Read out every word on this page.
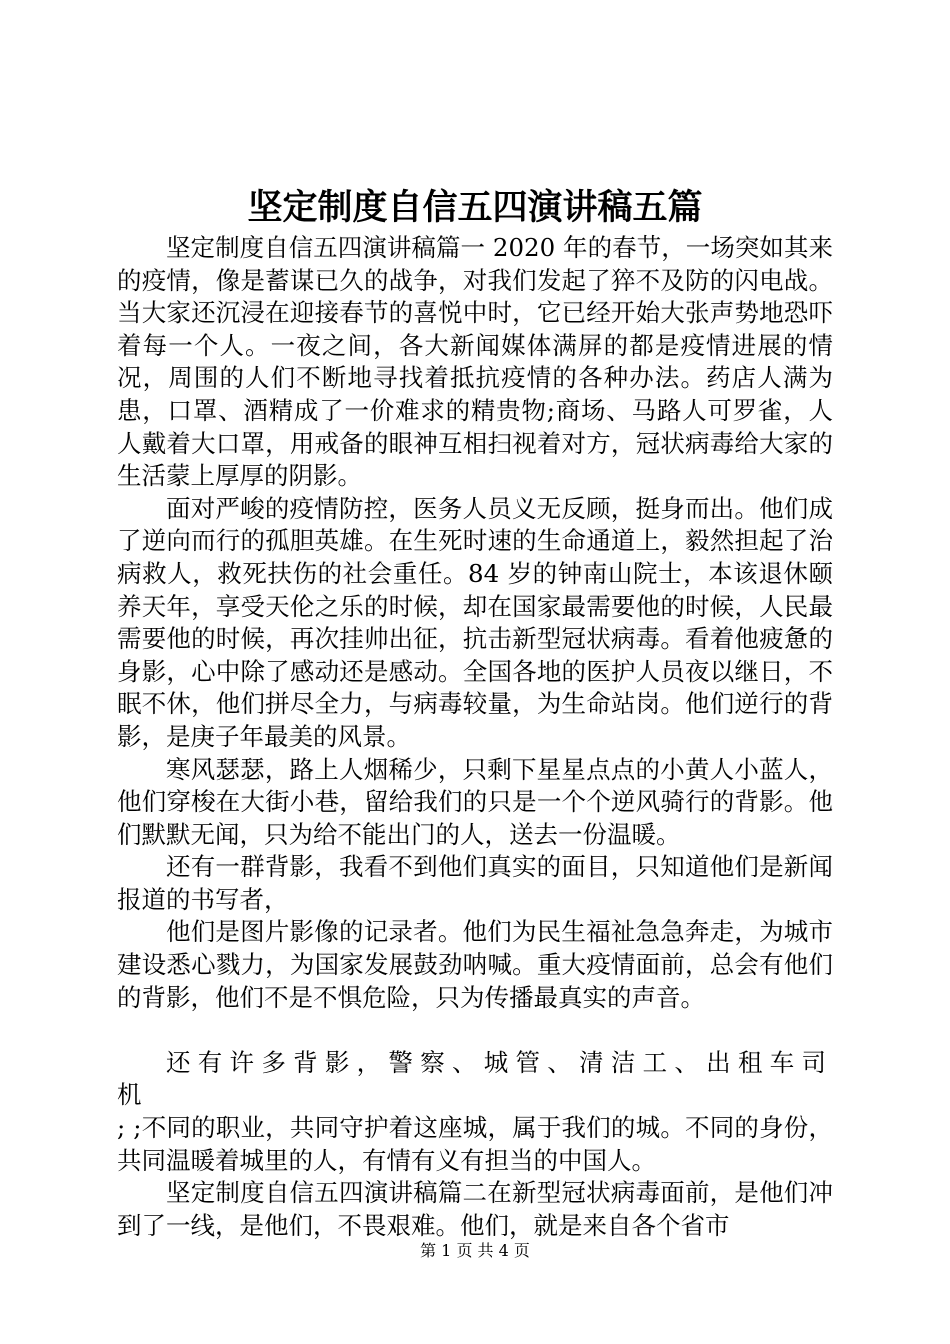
坚定制度自信五四演讲稿五篇

坚定制度自信五四演讲稿篇一 2020 年的春节，一场突如其来的疫情，像是蓄谋已久的战争，对我们发起了猝不及防的闪电战。当大家还沉浸在迎接春节的喜悦中时，它已经开始大张声势地恐吓着每一个人。一夜之间，各大新闻媒体满屏的都是疫情进展的情况，周围的人们不断地寻找着抵抗疫情的各种办法。药店人满为患，口罩、酒精成了一价难求的精贵物;商场、马路人可罗雀，人人戴着大口罩，用戒备的眼神互相扫视着对方，冠状病毒给大家的生活蒙上厚厚的阴影。

面对严峻的疫情防控，医务人员义无反顾，挺身而出。他们成了逆向而行的孤胆英雄。在生死时速的生命通道上，毅然担起了治病救人，救死扶伤的社会重任。84 岁的钟南山院士，本该退休颐养天年，享受天伦之乐的时候，却在国家最需要他的时候，人民最需要他的时候，再次挂帅出征，抗击新型冠状病毒。看着他疲惫的身影，心中除了感动还是感动。全国各地的医护人员夜以继日，不眠不休，他们拼尽全力，与病毒较量，为生命站岗。他们逆行的背影，是庚子年最美的风景。

寒风瑟瑟，路上人烟稀少，只剩下星星点点的小黄人小蓝人，他们穿梭在大街小巷，留给我们的只是一个个逆风骑行的背影。他们默默无闻，只为给不能出门的人，送去一份温暖。

还有一群背影，我看不到他们真实的面目，只知道他们是新闻报道的书写者，

他们是图片影像的记录者。他们为民生福祉急急奔走，为城市建设悉心戮力，为国家发展鼓劲呐喊。重大疫情面前，总会有他们的背影，他们不是不惧危险，只为传播最真实的声音。

还有许多背影，警察、城管、清洁工、出租车司机

; ;不同的职业，共同守护着这座城，属于我们的城。不同的身份，共同温暖着城里的人，有情有义有担当的中国人。

坚定制度自信五四演讲稿篇二在新型冠状病毒面前，是他们冲到了一线，是他们，不畏艰难。他们，就是来自各个省市

第 1 页 共 4 页
